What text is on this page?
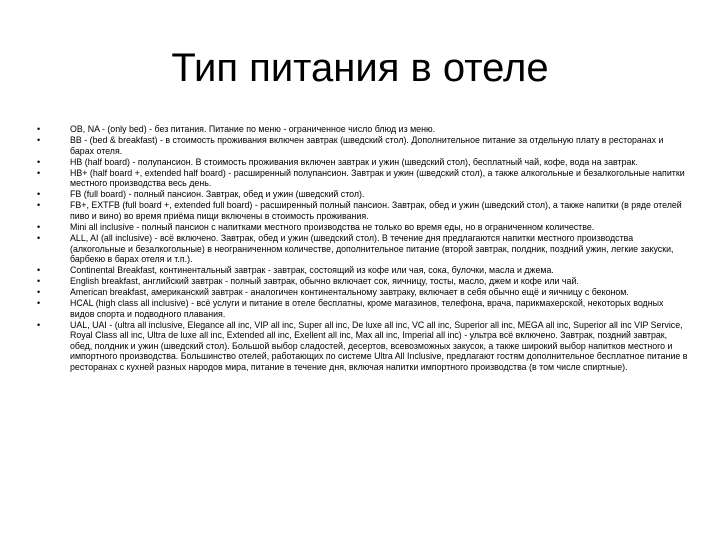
Тип питания в отеле
•	OB, NA - (only bed) - без питания. Питание по меню - ограниченное число блюд из меню.
•	BB - (bed & breakfast) - в стоимость проживания включен завтрак (шведский стол). Дополнительное питание за отдельную плату в ресторанах и барах отеля.
•	HB (half board) - полупансион. В стоимость проживания включен завтрак и ужин (шведский стол), бесплатный чай, кофе, вода на завтрак.
•	HB+ (half board +, extended half board) - расширенный полупансион. Завтрак и ужин (шведский стол), а также алкогольные и безалкогольные напитки местного производства весь день.
•	FB (full board) - полный пансион. Завтрак, обед и ужин (шведский стол).
•	FB+, EXTFB (full board +, extended full board) - расширенный полный пансион. Завтрак, обед и ужин (шведский стол), а также напитки (в ряде отелей пиво и вино) во время приёма пищи включены в стоимость проживания.
•	Mini all inclusive - полный пансион с напитками местного производства не только во время еды, но в ограниченном количестве.
•	ALL, AI (all inclusive) - всё включено. Завтрак, обед и ужин (шведский стол). В течение дня предлагаются напитки местного производства (алкогольные и безалкогольные) в неограниченном количестве, дополнительное питание (второй завтрак, полдник, поздний ужин, легкие закуски, барбекю в барах отеля и т.п.).
•	Continental Breakfast, континентальный завтрак - завтрак, состоящий из кофе или чая, сока, булочки, масла и джема.
•	English breakfast, английский завтрак - полный завтрак, обычно включает сок, яичницу, тосты, масло, джем и кофе или чай.
•	American breakfast, американский завтрак - аналогичен континентальному завтраку, включает в себя обычно ещё и яичницу с беконом.
•	HCAL (high class all inclusive) - всё услуги и питание в отеле бесплатны, кроме магазинов, телефона, врача, парикмахерской, некоторых водных видов спорта и подводного плавания.
•	UAL, UAI - (ultra all inclusive, Elegance all inc, VIP all inc, Super all inc, De luxe all inc, VC all inc, Superior all inc, MEGA all inc, Superior all inc VIP Service, Royal Class all inc, Ultra de luxe all inc, Extended all inc, Exellent all inc, Max all inc, Imperial all inc) - ультра всё включено. Завтрак, поздний завтрак, обед, полдник и ужин (шведский стол). Большой выбор сладостей, десертов, всевозможных закусок, а также широкий выбор напитков местного и импортного производства. Большинство отелей, работающих по системе Ultra All Inclusive, предлагают гостям дополнительное бесплатное питание в ресторанах с кухней разных народов мира, питание в течение дня, включая напитки импортного производства (в том числе спиртные).
